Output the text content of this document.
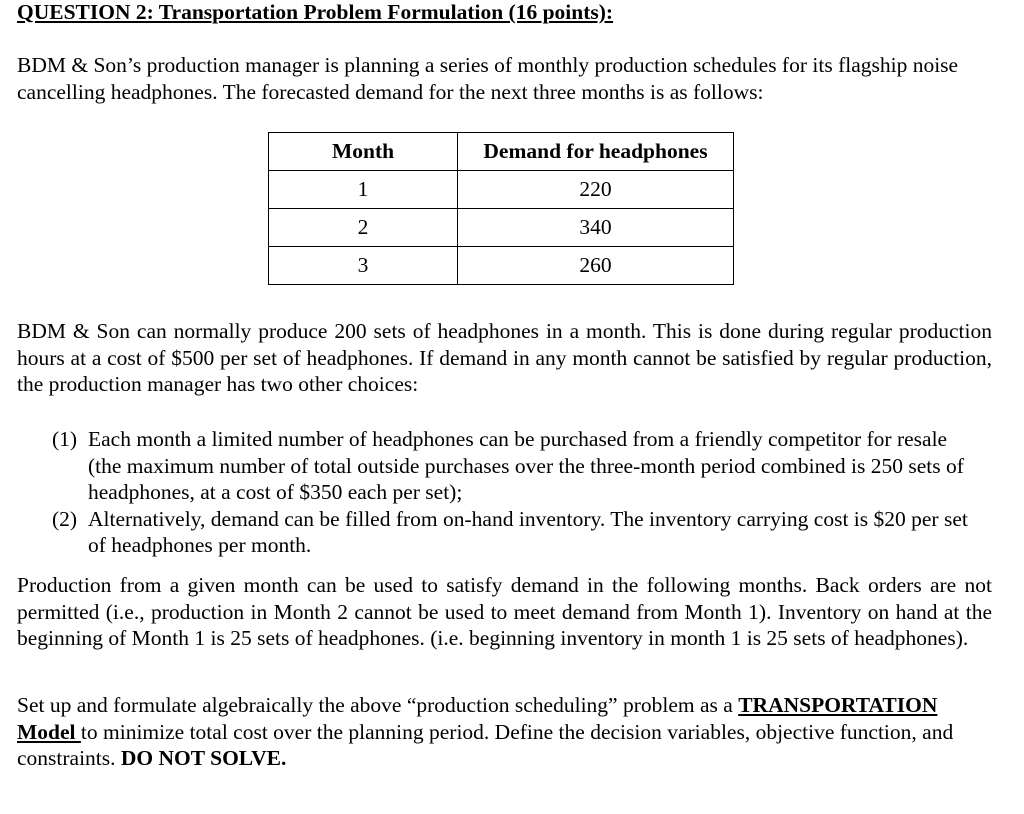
QUESTION 2: Transportation Problem Formulation (16 points):
BDM & Son’s production manager is planning a series of monthly production schedules for its flagship noise cancelling headphones. The forecasted demand for the next three months is as follows:
Month	Demand for headphones
1	220
2	340
3	260
BDM & Son can normally produce 200 sets of headphones in a month. This is done during regular production hours at a cost of $500 per set of headphones. If demand in any month cannot be satisfied by regular production, the production manager has two other choices:
(1) Each month a limited number of headphones can be purchased from a friendly competitor for resale (the maximum number of total outside purchases over the three-month period combined is 250 sets of headphones, at a cost of $350 each per set);
(2) Alternatively, demand can be filled from on-hand inventory. The inventory carrying cost is $20 per set of headphones per month.
Production from a given month can be used to satisfy demand in the following months. Back orders are not permitted (i.e., production in Month 2 cannot be used to meet demand from Month 1). Inventory on hand at the beginning of Month 1 is 25 sets of headphones. (i.e. beginning inventory in month 1 is 25 sets of headphones).
Set up and formulate algebraically the above “production scheduling” problem as a TRANSPORTATION Model to minimize total cost over the planning period. Define the decision variables, objective function, and constraints. DO NOT SOLVE.
